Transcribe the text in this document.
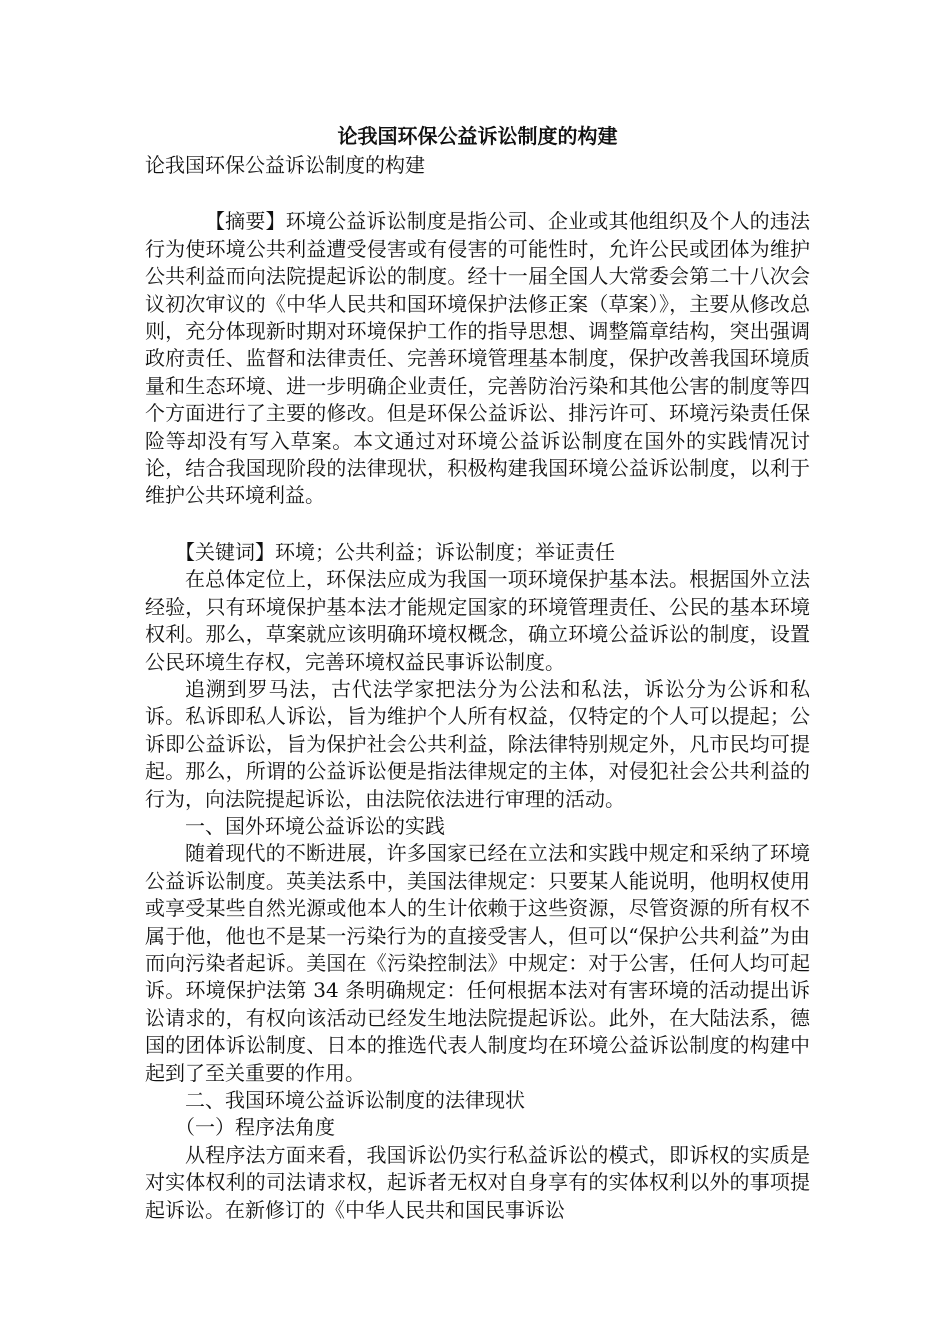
论我国环保公益诉讼制度的构建

论我国环保公益诉讼制度的构建

【摘要】环境公益诉讼制度是指公司、企业或其他组织及个人的违法行为使环境公共利益遭受侵害或有侵害的可能性时，允许公民或团体为维护公共利益而向法院提起诉讼的制度。经十一届全国人大常委会第二十八次会议初次审议的《中华人民共和国环境保护法修正案（草案）》，主要从修改总则，充分体现新时期对环境保护工作的指导思想、调整篇章结构，突出强调政府责任、监督和法律责任、完善环境管理基本制度，保护改善我国环境质量和生态环境、进一步明确企业责任，完善防治污染和其他公害的制度等四个方面进行了主要的修改。但是环保公益诉讼、排污许可、环境污染责任保险等却没有写入草案。本文通过对环境公益诉讼制度在国外的实践情况讨论，结合我国现阶段的法律现状，积极构建我国环境公益诉讼制度，以利于维护公共环境利益。

【关键词】环境；公共利益；诉讼制度；举证责任

在总体定位上，环保法应成为我国一项环境保护基本法。根据国外立法经验，只有环境保护基本法才能规定国家的环境管理责任、公民的基本环境权利。那么，草案就应该明确环境权概念，确立环境公益诉讼的制度，设置公民环境生存权，完善环境权益民事诉讼制度。

追溯到罗马法，古代法学家把法分为公法和私法，诉讼分为公诉和私诉。私诉即私人诉讼，旨为维护个人所有权益，仅特定的个人可以提起；公诉即公益诉讼，旨为保护社会公共利益，除法律特别规定外，凡市民均可提起。那么，所谓的公益诉讼便是指法律规定的主体，对侵犯社会公共利益的行为，向法院提起诉讼，由法院依法进行审理的活动。

一、国外环境公益诉讼的实践

随着现代的不断进展，许多国家已经在立法和实践中规定和采纳了环境公益诉讼制度。英美法系中，美国法律规定：只要某人能说明，他明权使用或享受某些自然光源或他本人的生计依赖于这些资源，尽管资源的所有权不属于他，他也不是某一污染行为的直接受害人，但可以“保护公共利益”为由而向污染者起诉。美国在《污染控制法》中规定：对于公害，任何人均可起诉。环境保护法第 34 条明确规定：任何根据本法对有害环境的活动提出诉讼请求的，有权向该活动已经发生地法院提起诉讼。此外，在大陆法系，德国的团体诉讼制度、日本的推选代表人制度均在环境公益诉讼制度的构建中起到了至关重要的作用。

二、我国环境公益诉讼制度的法律现状

（一）程序法角度

从程序法方面来看，我国诉讼仍实行私益诉讼的模式，即诉权的实质是对实体权利的司法请求权，起诉者无权对自身享有的实体权利以外的事项提起诉讼。在新修订的《中华人民共和国民事诉讼
